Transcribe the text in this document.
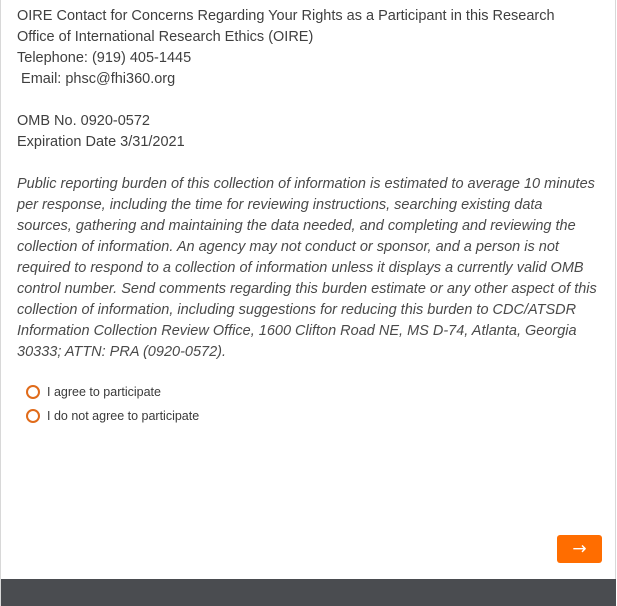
OIRE Contact for Concerns Regarding Your Rights as a Participant in this Research
Office of International Research Ethics (OIRE)
Telephone: (919) 405-1445
Email: phsc@fhi360.org
OMB No. 0920-0572
Expiration Date 3/31/2021
Public reporting burden of this collection of information is estimated to average 10 minutes per response, including the time for reviewing instructions, searching existing data sources, gathering and maintaining the data needed, and completing and reviewing the collection of information. An agency may not conduct or sponsor, and a person is not required to respond to a collection of information unless it displays a currently valid OMB control number. Send comments regarding this burden estimate or any other aspect of this collection of information, including suggestions for reducing this burden to CDC/ATSDR Information Collection Review Office, 1600 Clifton Road NE, MS D-74, Atlanta, Georgia 30333; ATTN: PRA (0920-0572).
I agree to participate
I do not agree to participate
→
